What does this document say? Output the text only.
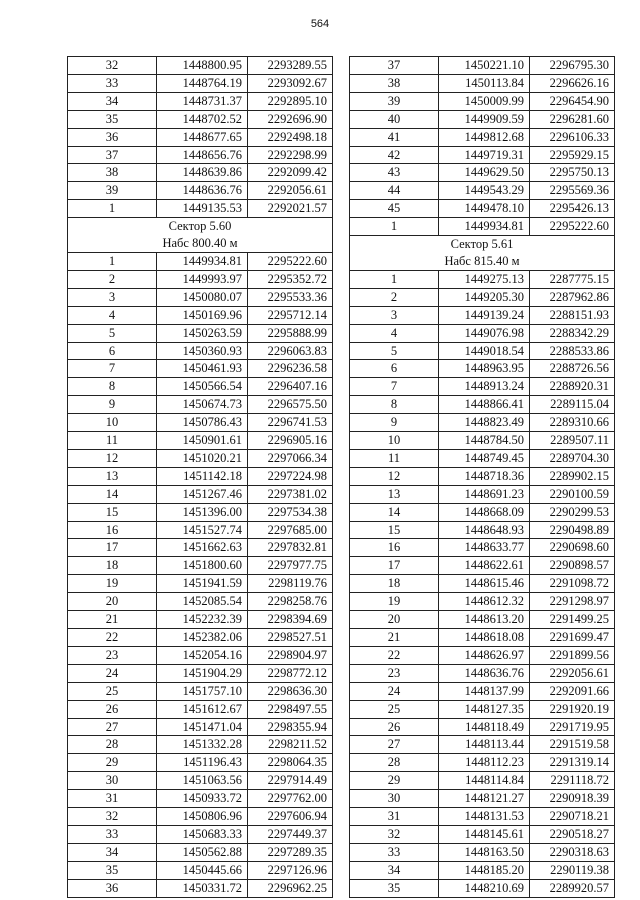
564
32	1448800.95	2293289.55
33	1448764.19	2293092.67
34	1448731.37	2292895.10
35	1448702.52	2292696.90
36	1448677.65	2292498.18
37	1448656.76	2292298.99
38	1448639.86	2292099.42
39	1448636.76	2292056.61
1	1449135.53	2292021.57
Сектор 5.60		
Набс 800.40 м		
1	1449934.81	2295222.60
2	1449993.97	2295352.72
3	1450080.07	2295533.36
4	1450169.96	2295712.14
5	1450263.59	2295888.99
6	1450360.93	2296063.83
7	1450461.93	2296236.58
8	1450566.54	2296407.16
9	1450674.73	2296575.50
10	1450786.43	2296741.53
11	1450901.61	2296905.16
12	1451020.21	2297066.34
13	1451142.18	2297224.98
14	1451267.46	2297381.02
15	1451396.00	2297534.38
16	1451527.74	2297685.00
17	1451662.63	2297832.81
18	1451800.60	2297977.75
19	1451941.59	2298119.76
20	1452085.54	2298258.76
21	1452232.39	2298394.69
22	1452382.06	2298527.51
23	1452054.16	2298904.97
24	1451904.29	2298772.12
25	1451757.10	2298636.30
26	1451612.67	2298497.55
27	1451471.04	2298355.94
28	1451332.28	2298211.52
29	1451196.43	2298064.35
30	1451063.56	2297914.49
31	1450933.72	2297762.00
32	1450806.96	2297606.94
33	1450683.33	2297449.37
34	1450562.88	2297289.35
35	1450445.66	2297126.96
36	1450331.72	2296962.25
37	1450221.10	2296795.30
38	1450113.84	2296626.16
39	1450009.99	2296454.90
40	1449909.59	2296281.60
41	1449812.68	2296106.33
42	1449719.31	2295929.15
43	1449629.50	2295750.13
44	1449543.29	2295569.36
45	1449478.10	2295426.13
1	1449934.81	2295222.60
Сектор 5.61		
Набс 815.40 м		
1	1449275.13	2287775.15
2	1449205.30	2287962.86
3	1449139.24	2288151.93
4	1449076.98	2288342.29
5	1449018.54	2288533.86
6	1448963.95	2288726.56
7	1448913.24	2288920.31
8	1448866.41	2289115.04
9	1448823.49	2289310.66
10	1448784.50	2289507.11
11	1448749.45	2289704.30
12	1448718.36	2289902.15
13	1448691.23	2290100.59
14	1448668.09	2290299.53
15	1448648.93	2290498.89
16	1448633.77	2290698.60
17	1448622.61	2290898.57
18	1448615.46	2291098.72
19	1448612.32	2291298.97
20	1448613.20	2291499.25
21	1448618.08	2291699.47
22	1448626.97	2291899.56
23	1448636.76	2292056.61
24	1448137.99	2292091.66
25	1448127.35	2291920.19
26	1448118.49	2291719.95
27	1448113.44	2291519.58
28	1448112.23	2291319.14
29	1448114.84	2291118.72
30	1448121.27	2290918.39
31	1448131.53	2290718.21
32	1448145.61	2290518.27
33	1448163.50	2290318.63
34	1448185.20	2290119.38
35	1448210.69	2289920.57
